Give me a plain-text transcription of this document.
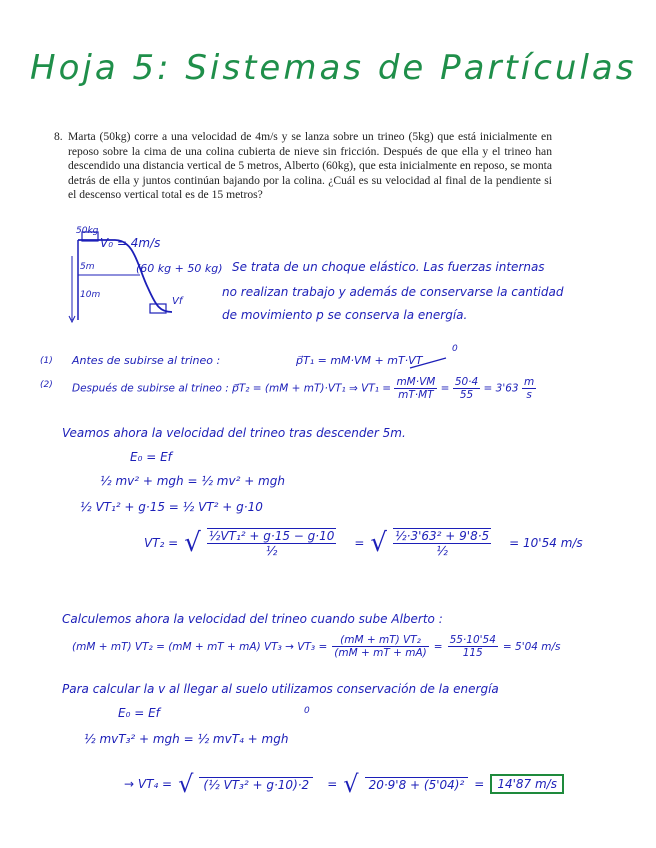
Hoja 5: Sistemas de Partículas
8. Marta (50kg) corre a una velocidad de 4m/s y se lanza sobre un trineo (5kg) que está inicialmente en reposo sobre la cima de una colina cubierta de nieve sin fricción. Después de que ella y el trineo han descendido una distancia vertical de 5 metros, Alberto (60kg), que esta inicialmente en reposo, se monta detrás de ella y juntos continúan bajando por la colina. ¿Cuál es su velocidad al final de la pendiente si el descenso vertical total es de 15 metros?
50kg
V₀ = 4m/s
5m
10m
Vf
(60 kg + 50 kg) Se trata de un choque elástico. Las fuerzas internas
no realizan trabajo y además de conservarse la cantidad
de movimiento p se conserva la energía.
(1) Antes de subirse al trineo :	p⃗T₁ = mM·VM + mT·VT
0
(2) Después de subirse al trineo : p⃗T₂ = (mM + mT)·VT₁ ⇒ $VT_1 = \frac{mM\cdot VM}{mT\cdot MT} = \frac{50\cdot 4}{55} = 3'63 \frac{m}{s}$
Veamos ahora la velocidad del trineo tras descender 5m.
E₀ = Ef
½ mv² + mgh = ½ mv² + mgh
½ VT₁² + g·15 = ½ VT² + g·10
VT₂ = √ $\frac{\text{½VT₁² + g·15 − g·10}}{\text{½}}$ = √ $\frac{\text{½·3'63² + 9'8·5}}{\text{½}} = 10'54$ m/s
Calculemos ahora la velocidad del trineo cuando sube Alberto :
(mM + mT) VT₂ = (mM + mT + mA) $VT_3 \to VT_3 = \frac{\text{(mM + mT) VT₂}}{(mM + mT + mA)} = \frac{55\cdot 10'54}{115} = 5'04$ m/s
Para calcular la v al llegar al suelo utilizamos conservación de la energía
E₀ = Ef	0
½ mvT₃² + mgh = ½ mvT₄ + mgh
→ VT₄ = √ (½ VT₃² + g·10)·2	= √ 20·9'8 + (5'04)² =	14'87 m/s
